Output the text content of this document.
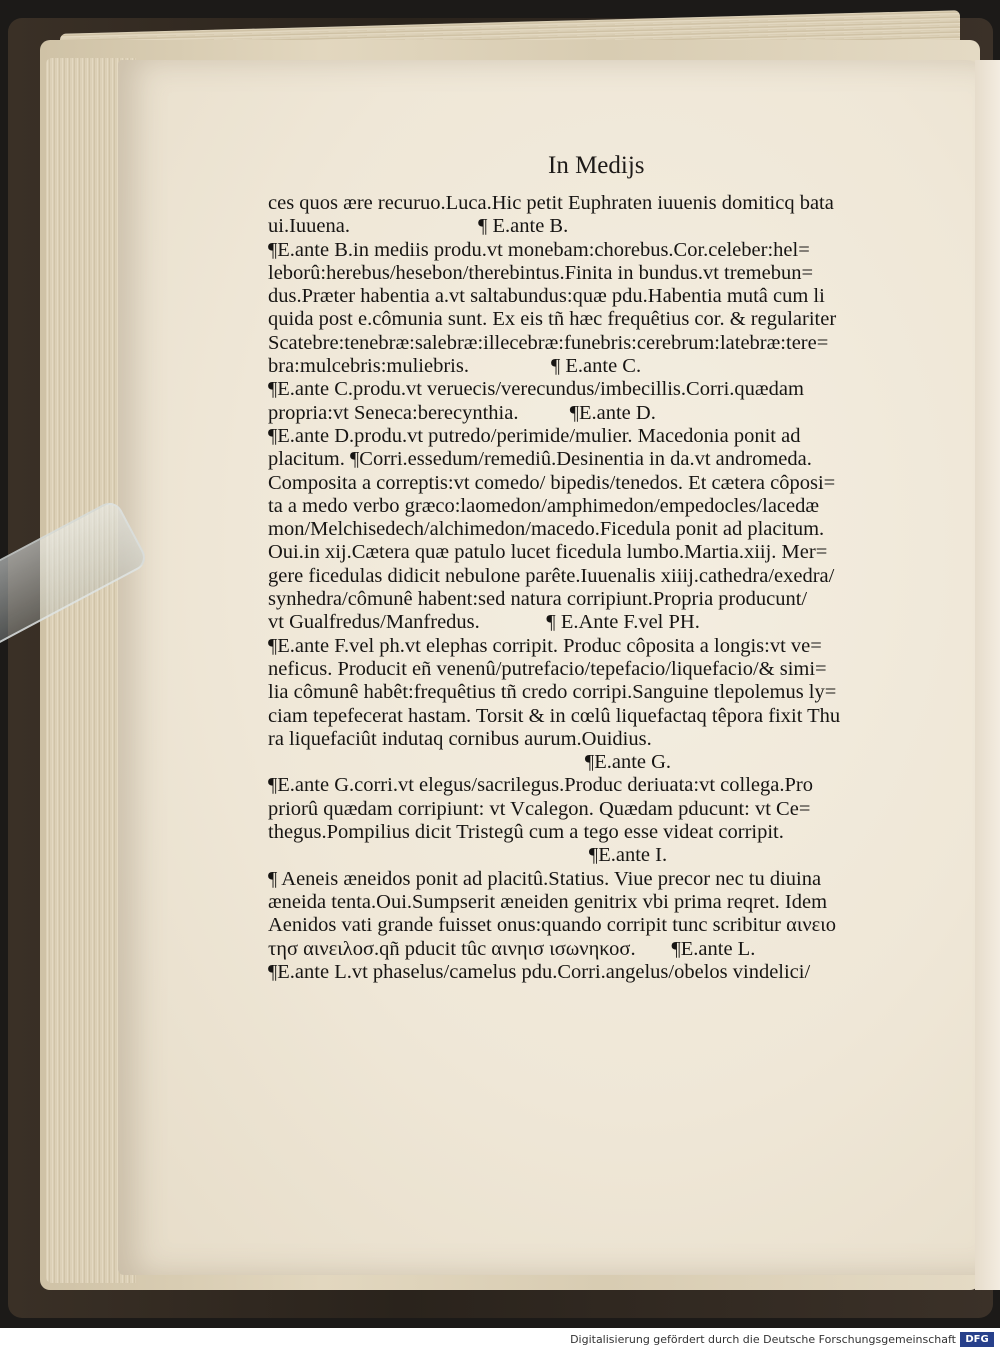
In Medijs
ces quos ære recuruo.Luca.Hic petit Euphraten iuuenis domiticq bata
ui.Iuuena.                         ¶ E.ante B.
¶E.ante B.in mediis produ.vt monebam:chorebus.Cor.celeber:hel=
leborû:herebus/hesebon/therebintus.Finita in bundus.vt tremebun=
dus.Præter habentia a.vt saltabundus:quæ pdu.Habentia mutâ cum li
quida post e.cômunia sunt. Ex eis tñ hæc frequêtius cor. & regulariter
Scatebre:tenebræ:salebræ:illecebræ:funebris:cerebrum:latebræ:tere=
bra:mulcebris:muliebris.                ¶ E.ante C.
¶E.ante C.produ.vt veruecis/verecundus/imbecillis.Corri.quædam
propria:vt Seneca:berecynthia.          ¶E.ante D.
¶E.ante D.produ.vt putredo/perimide/mulier. Macedonia ponit ad
placitum. ¶Corri.essedum/remediû.Desinentia in da.vt andromeda.
Composita a correptis:vt comedo/ bipedis/tenedos. Et cætera côposi=
ta a medo verbo græco:laomedon/amphimedon/empedocles/lacedæ
mon/Melchisedech/alchimedon/macedo.Ficedula ponit ad placitum.
Oui.in xij.Cætera quæ patulo lucet ficedula lumbo.Martia.xiij. Mer=
gere ficedulas didicit nebulone parête.Iuuenalis xiiij.cathedra/exedra/
synhedra/cômunê habent:sed natura corripiunt.Propria producunt/
vt Gualfredus/Manfredus.             ¶ E.Ante F.vel PH.
¶E.ante F.vel ph.vt elephas corripit. Produc côposita a longis:vt ve=
neficus. Producit eñ venenû/putrefacio/tepefacio/liquefacio/& simi=
lia cômunê habêt:frequêtius tñ credo corripi.Sanguine tlepolemus ly=
ciam tepefecerat hastam. Torsit & in cœlû liquefactaq têpora fixit Thu
ra liquefaciût indutaq cornibus aurum.Ouidius.
¶E.ante G.
¶E.ante G.corri.vt elegus/sacrilegus.Produc deriuata:vt collega.Pro
priorû quædam corripiunt: vt Vcalegon. Quædam pducunt: vt Ce=
thegus.Pompilius dicit Tristegû cum a tego esse videat corripit.
¶E.ante I.
¶ Aeneis æneidos ponit ad placitû.Statius. Viue precor nec tu diuina
æneida tenta.Oui.Sumpserit æneiden genitrix vbi prima reqret. Idem
Aenidos vati grande fuisset onus:quando corripit tunc scribitur αινειο
τησ αινειλοσ.qñ pducit tûc αινηισ ισωνηκοσ.       ¶E.ante L.
¶E.ante L.vt phaselus/camelus pdu.Corri.angelus/obelos vindelici/
Digitalisierung gefördert durch die Deutsche Forschungsgemeinschaft DFG
